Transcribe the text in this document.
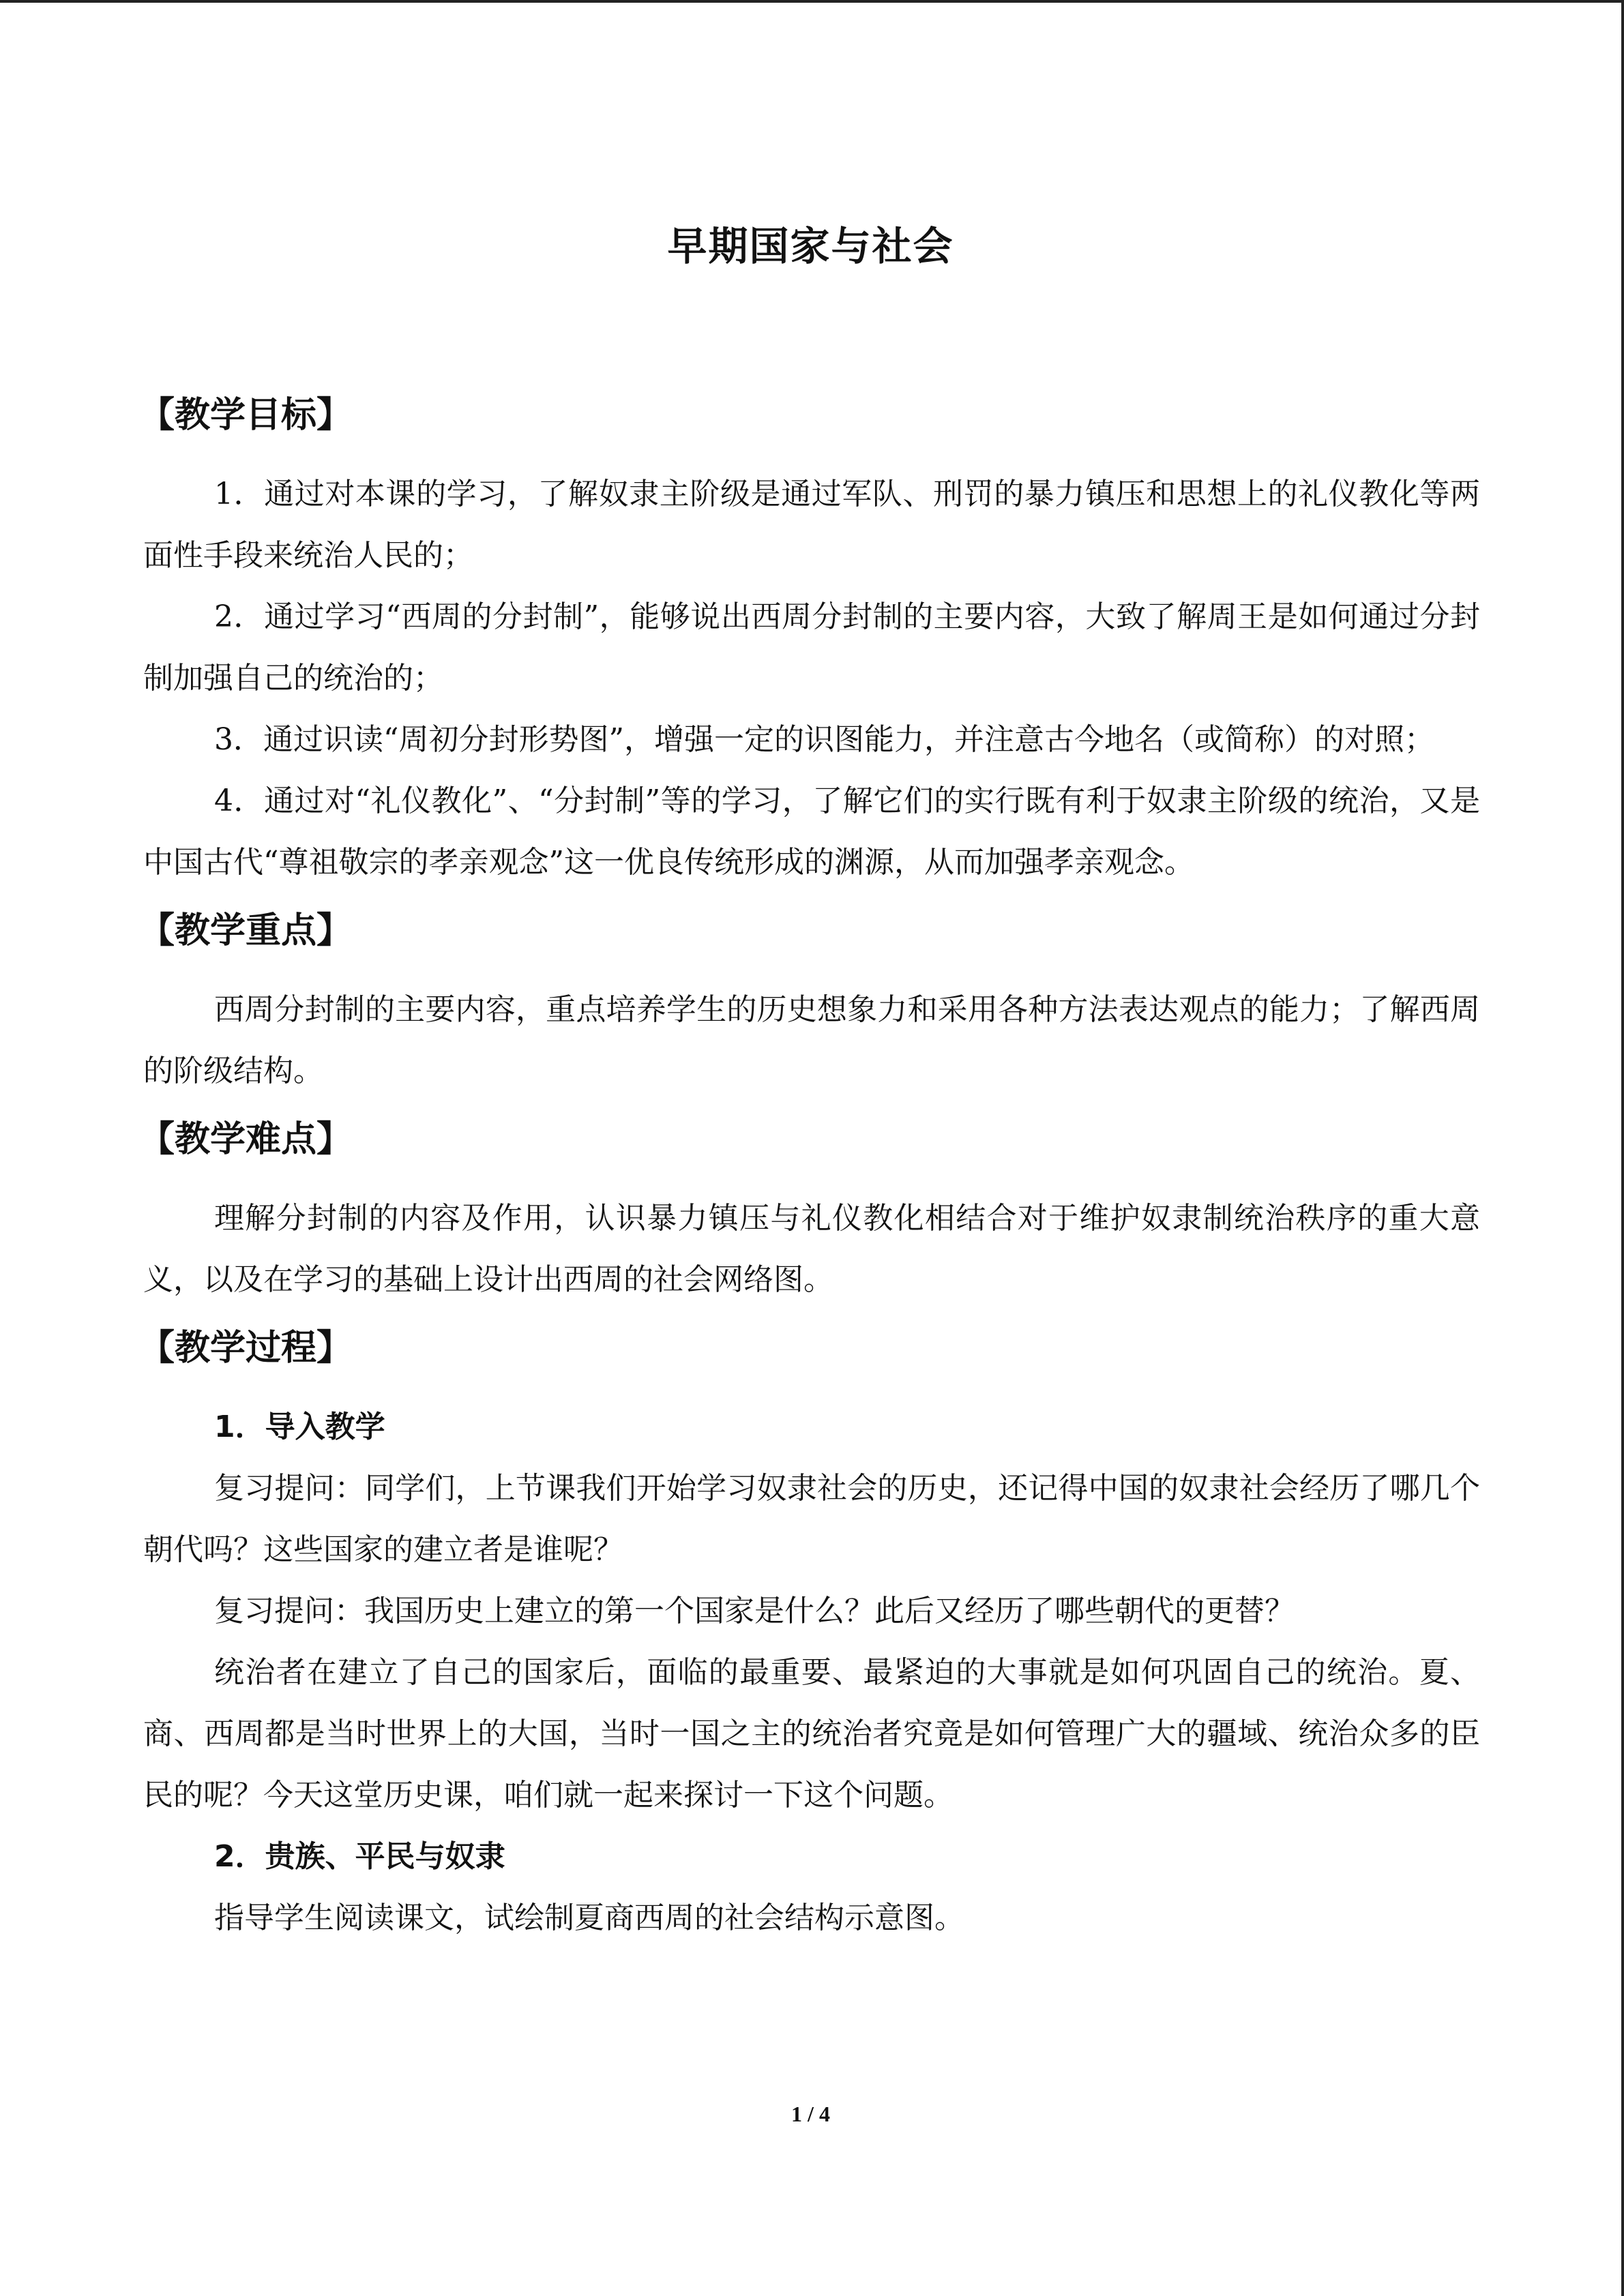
早期国家与社会
【教学目标】

1．通过对本课的学习，了解奴隶主阶级是通过军队、刑罚的暴力镇压和思想上的礼仪教化等两面性手段来统治人民的；

2．通过学习“西周的分封制”，能够说出西周分封制的主要内容，大致了解周王是如何通过分封制加强自己的统治的；

3．通过识读“周初分封形势图”，增强一定的识图能力，并注意古今地名（或简称）的对照；

4．通过对“礼仪教化”、“分封制”等的学习，了解它们的实行既有利于奴隶主阶级的统治，又是中国古代“尊祖敬宗的孝亲观念”这一优良传统形成的渊源，从而加强孝亲观念。

【教学重点】

西周分封制的主要内容，重点培养学生的历史想象力和采用各种方法表达观点的能力；了解西周的阶级结构。

【教学难点】

理解分封制的内容及作用，认识暴力镇压与礼仪教化相结合对于维护奴隶制统治秩序的重大意义，以及在学习的基础上设计出西周的社会网络图。

【教学过程】

1．导入教学

复习提问：同学们，上节课我们开始学习奴隶社会的历史，还记得中国的奴隶社会经历了哪几个朝代吗？这些国家的建立者是谁呢？

复习提问：我国历史上建立的第一个国家是什么？此后又经历了哪些朝代的更替？

统治者在建立了自己的国家后，面临的最重要、最紧迫的大事就是如何巩固自己的统治。夏、商、西周都是当时世界上的大国，当时一国之主的统治者究竟是如何管理广大的疆域、统治众多的臣民的呢？今天这堂历史课，咱们就一起来探讨一下这个问题。

2．贵族、平民与奴隶

指导学生阅读课文，试绘制夏商西周的社会结构示意图。

1 / 4
